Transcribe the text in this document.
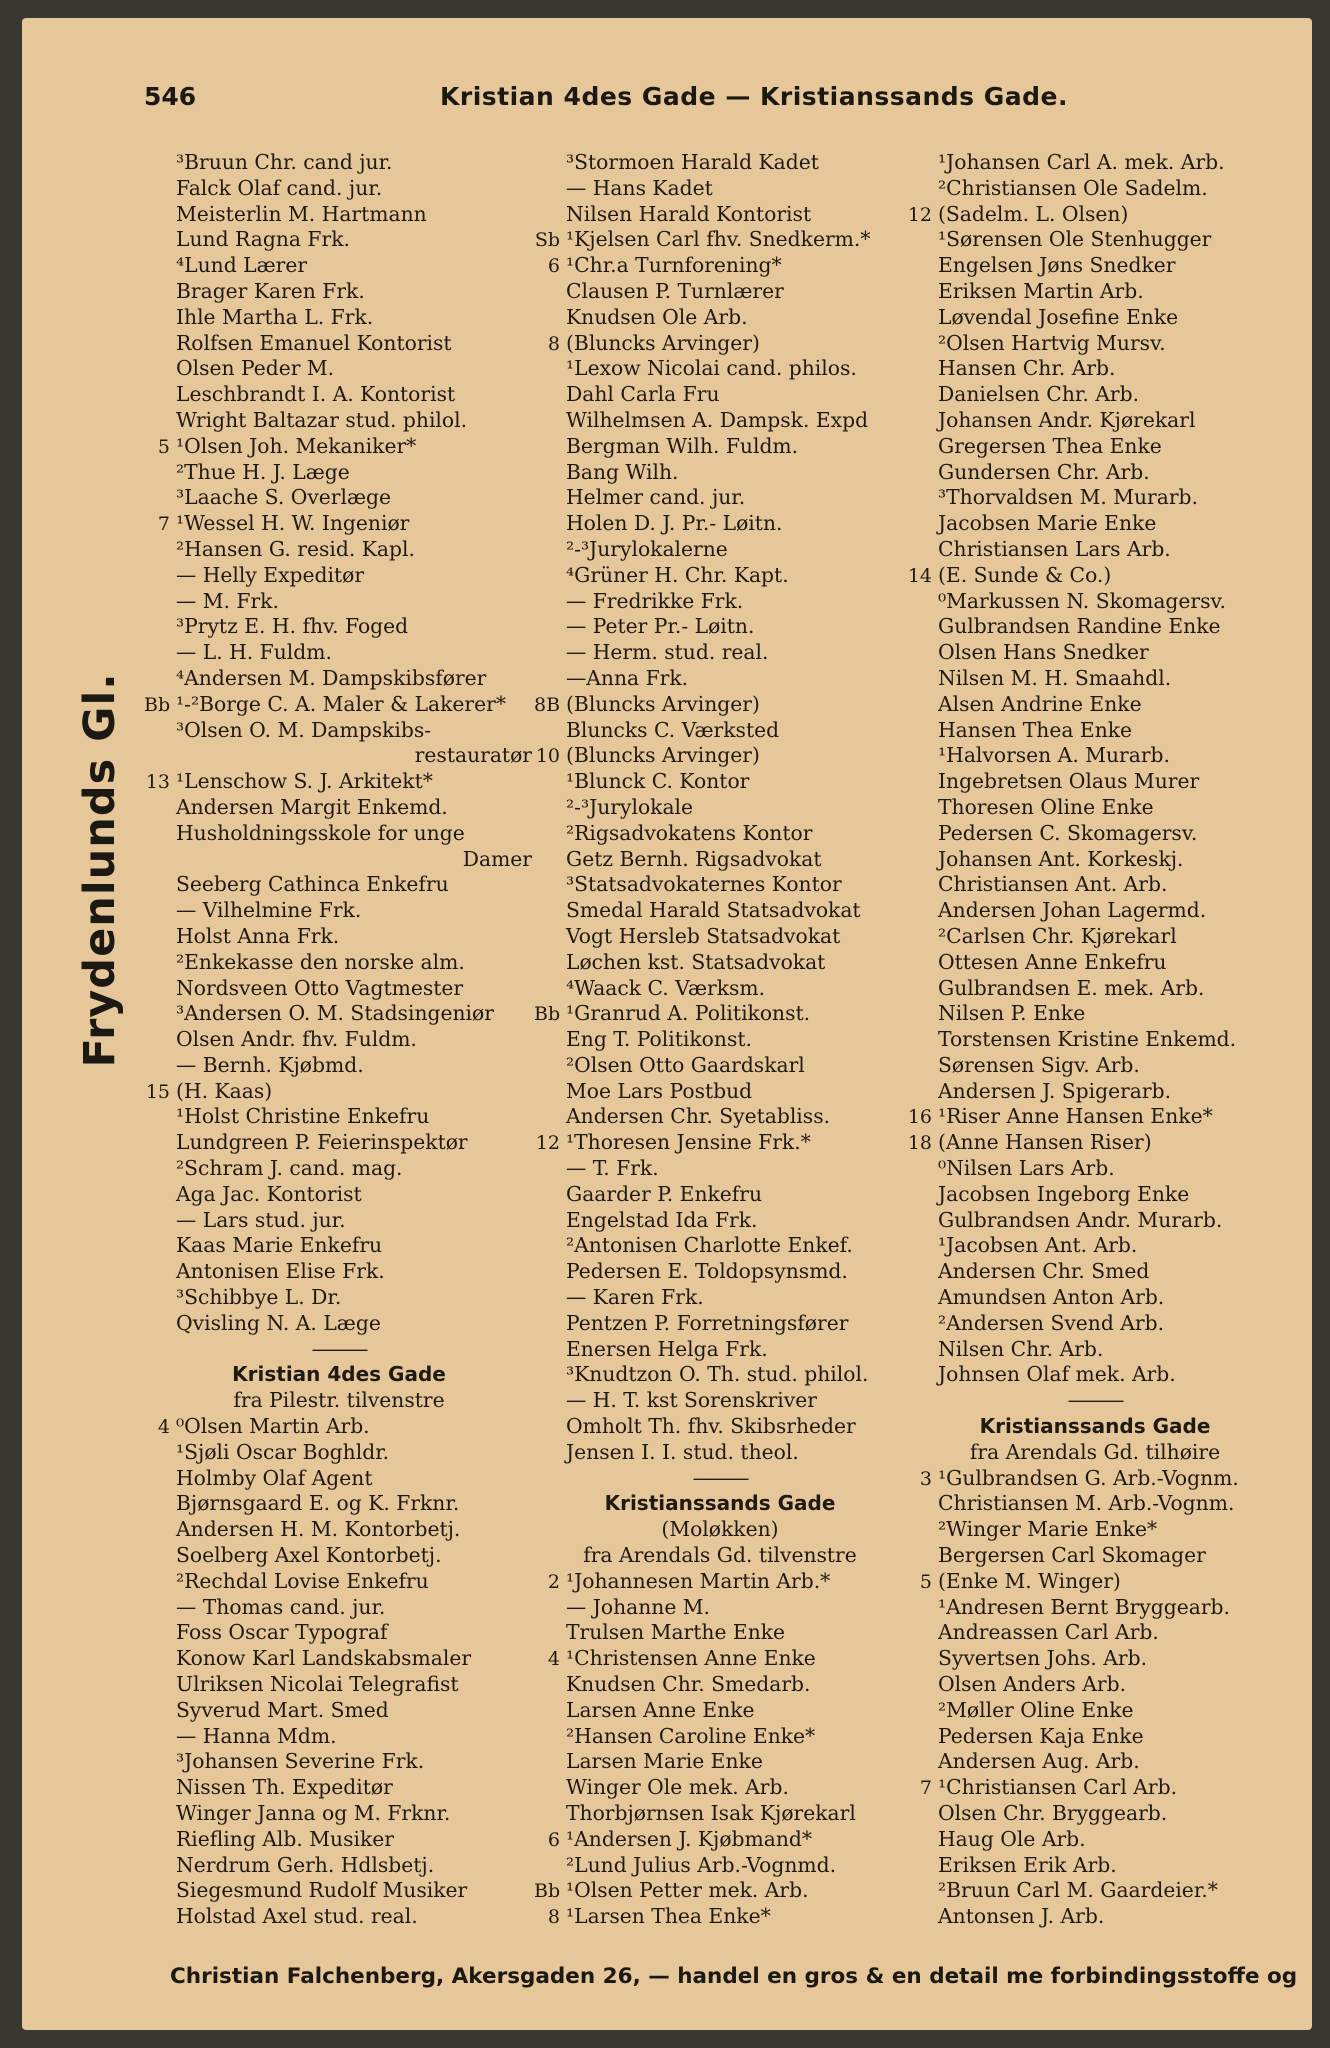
546	Kristian 4des Gade — Kristianssands Gade.
Frydenlunds Gl.
³Bruun Chr. cand jur.
Falck Olaf cand. jur.
Meisterlin M. Hartmann
Lund Ragna Frk.
⁴Lund Lærer
Brager Karen Frk.
Ihle Martha L. Frk.
Rolfsen Emanuel Kontorist
Olsen Peder M.
Leschbrandt I. A. Kontorist
Wright Baltazar stud. philol.
5 ¹Olsen Joh. Mekaniker*
²Thue H. J. Læge
³Laache S. Overlæge
7 ¹Wessel H. W. Ingeniør
²Hansen G. resid. Kapl.
— Helly Expeditør
— M. Frk.
³Prytz E. H. fhv. Foged
— L. H. Fuldm.
⁴Andersen M. Dampskibsfører
Bb ¹-²Borge C. A. Maler & Lakerer*
³Olsen O. M. Dampskibs-
restauratør
13 ¹Lenschow S. J. Arkitekt*
Andersen Margit Enkemd.
Husholdningsskole for unge
Damer
Seeberg Cathinca Enkefru
— Vilhelmine Frk.
Holst Anna Frk.
²Enkekasse den norske alm.
Nordsveen Otto Vagtmester
³Andersen O. M. Stadsingeniør
Olsen Andr. fhv. Fuldm.
— Bernh. Kjøbmd.
15 (H. Kaas)
¹Holst Christine Enkefru
Lundgreen P. Feierinspektør
²Schram J. cand. mag.
Aga Jac. Kontorist
— Lars stud. jur.
Kaas Marie Enkefru
Antonisen Elise Frk.
³Schibbye L. Dr.
Qvisling N. A. Læge
———
Kristian 4des Gade
fra Pilestr. tilvenstre
4 ⁰Olsen Martin Arb.
¹Sjøli Oscar Boghldr.
Holmby Olaf Agent
Bjørnsgaard E. og K. Frknr.
Andersen H. M. Kontorbetj.
Soelberg Axel Kontorbetj.
²Rechdal Lovise Enkefru
— Thomas cand. jur.
Foss Oscar Typograf
Konow Karl Landskabsmaler
Ulriksen Nicolai Telegrafist
Syverud Mart. Smed
— Hanna Mdm.
³Johansen Severine Frk.
Nissen Th. Expeditør
Winger Janna og M. Frknr.
Riefling Alb. Musiker
Nerdrum Gerh. Hdlsbetj.
Siegesmund Rudolf Musiker
Holstad Axel stud. real.
³Stormoen Harald Kadet
— Hans Kadet
Nilsen Harald Kontorist
Sb ¹Kjelsen Carl fhv. Snedkerm.*
6 ¹Chr.a Turnforening*
Clausen P. Turnlærer
Knudsen Ole Arb.
8 (Bluncks Arvinger)
¹Lexow Nicolai cand. philos.
Dahl Carla Fru
Wilhelmsen A. Dampsk. Expd
Bergman Wilh. Fuldm.
Bang Wilh.
Helmer cand. jur.
Holen D. J. Pr.- Løitn.
²-³Jurylokalerne
⁴Grüner H. Chr. Kapt.
— Fredrikke Frk.
— Peter Pr.- Løitn.
— Herm. stud. real.
—Anna Frk.
8B (Bluncks Arvinger)
Bluncks C. Værksted
10 (Bluncks Arvinger)
¹Blunck C. Kontor
²-³Jurylokale
²Rigsadvokatens Kontor
Getz Bernh. Rigsadvokat
³Statsadvokaternes Kontor
Smedal Harald Statsadvokat
Vogt Hersleb Statsadvokat
Løchen kst. Statsadvokat
⁴Waack C. Værksm.
Bb ¹Granrud A. Politikonst.
Eng T. Politikonst.
²Olsen Otto Gaardskarl
Moe Lars Postbud
Andersen Chr. Syetabliss.
12 ¹Thoresen Jensine Frk.*
— T. Frk.
Gaarder P. Enkefru
Engelstad Ida Frk.
²Antonisen Charlotte Enkef.
Pedersen E. Toldopsynsmd.
— Karen Frk.
Pentzen P. Forretningsfører
Enersen Helga Frk.
³Knudtzon O. Th. stud. philol.
— H. T. kst Sorenskriver
Omholt Th. fhv. Skibsrheder
Jensen I. I. stud. theol.
———
Kristianssands Gade
(Moløkken)
fra Arendals Gd. tilvenstre
2 ¹Johannesen Martin Arb.*
— Johanne M.
Trulsen Marthe Enke
4 ¹Christensen Anne Enke
Knudsen Chr. Smedarb.
Larsen Anne Enke
²Hansen Caroline Enke*
Larsen Marie Enke
Winger Ole mek. Arb.
Thorbjørnsen Isak Kjørekarl
6 ¹Andersen J. Kjøbmand*
²Lund Julius Arb.-Vognmd.
Bb ¹Olsen Petter mek. Arb.
8 ¹Larsen Thea Enke*
¹Johansen Carl A. mek. Arb.
²Christiansen Ole Sadelm.
12 (Sadelm. L. Olsen)
¹Sørensen Ole Stenhugger
Engelsen Jøns Snedker
Eriksen Martin Arb.
Løvendal Josefine Enke
²Olsen Hartvig Mursv.
Hansen Chr. Arb.
Danielsen Chr. Arb.
Johansen Andr. Kjørekarl
Gregersen Thea Enke
Gundersen Chr. Arb.
³Thorvaldsen M. Murarb.
Jacobsen Marie Enke
Christiansen Lars Arb.
14 (E. Sunde & Co.)
⁰Markussen N. Skomagersv.
Gulbrandsen Randine Enke
Olsen Hans Snedker
Nilsen M. H. Smaahdl.
Alsen Andrine Enke
Hansen Thea Enke
¹Halvorsen A. Murarb.
Ingebretsen Olaus Murer
Thoresen Oline Enke
Pedersen C. Skomagersv.
Johansen Ant. Korkeskj.
Christiansen Ant. Arb.
Andersen Johan Lagermd.
²Carlsen Chr. Kjørekarl
Ottesen Anne Enkefru
Gulbrandsen E. mek. Arb.
Nilsen P. Enke
Torstensen Kristine Enkemd.
Sørensen Sigv. Arb.
Andersen J. Spigerarb.
16 ¹Riser Anne Hansen Enke*
18 (Anne Hansen Riser)
⁰Nilsen Lars Arb.
Jacobsen Ingeborg Enke
Gulbrandsen Andr. Murarb.
¹Jacobsen Ant. Arb.
Andersen Chr. Smed
Amundsen Anton Arb.
²Andersen Svend Arb.
Nilsen Chr. Arb.
Johnsen Olaf mek. Arb.
———
Kristianssands Gade
fra Arendals Gd. tilhøire
3 ¹Gulbrandsen G. Arb.-Vognm.
Christiansen M. Arb.-Vognm.
²Winger Marie Enke*
Bergersen Carl Skomager
5 (Enke M. Winger)
¹Andresen Bernt Bryggearb.
Andreassen Carl Arb.
Syvertsen Johs. Arb.
Olsen Anders Arb.
²Møller Oline Enke
Pedersen Kaja Enke
Andersen Aug. Arb.
7 ¹Christiansen Carl Arb.
Olsen Chr. Bryggearb.
Haug Ole Arb.
Eriksen Erik Arb.
²Bruun Carl M. Gaardeier.*
Antonsen J. Arb.
Christian Falchenberg, Akersgaden 26, — handel en gros & en detail me forbindingsstoffe og
